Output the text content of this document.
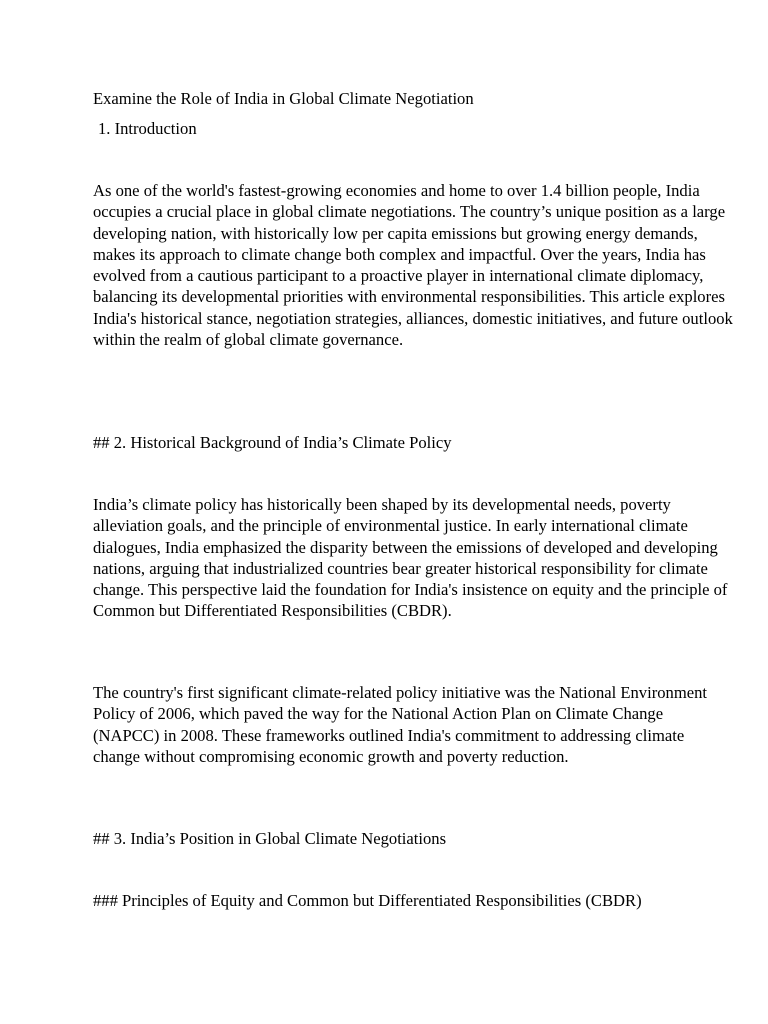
Examine the Role of India in Global Climate Negotiation

1. Introduction

As one of the world's fastest-growing economies and home to over 1.4 billion people, India occupies a crucial place in global climate negotiations. The country’s unique position as a large developing nation, with historically low per capita emissions but growing energy demands, makes its approach to climate change both complex and impactful. Over the years, India has evolved from a cautious participant to a proactive player in international climate diplomacy, balancing its developmental priorities with environmental responsibilities. This article explores India's historical stance, negotiation strategies, alliances, domestic initiatives, and future outlook within the realm of global climate governance.

## 2. Historical Background of India’s Climate Policy

India’s climate policy has historically been shaped by its developmental needs, poverty alleviation goals, and the principle of environmental justice. In early international climate dialogues, India emphasized the disparity between the emissions of developed and developing nations, arguing that industrialized countries bear greater historical responsibility for climate change. This perspective laid the foundation for India's insistence on equity and the principle of Common but Differentiated Responsibilities (CBDR).

The country's first significant climate-related policy initiative was the National Environment Policy of 2006, which paved the way for the National Action Plan on Climate Change (NAPCC) in 2008. These frameworks outlined India's commitment to addressing climate change without compromising economic growth and poverty reduction.

## 3. India’s Position in Global Climate Negotiations

### Principles of Equity and Common but Differentiated Responsibilities (CBDR)
